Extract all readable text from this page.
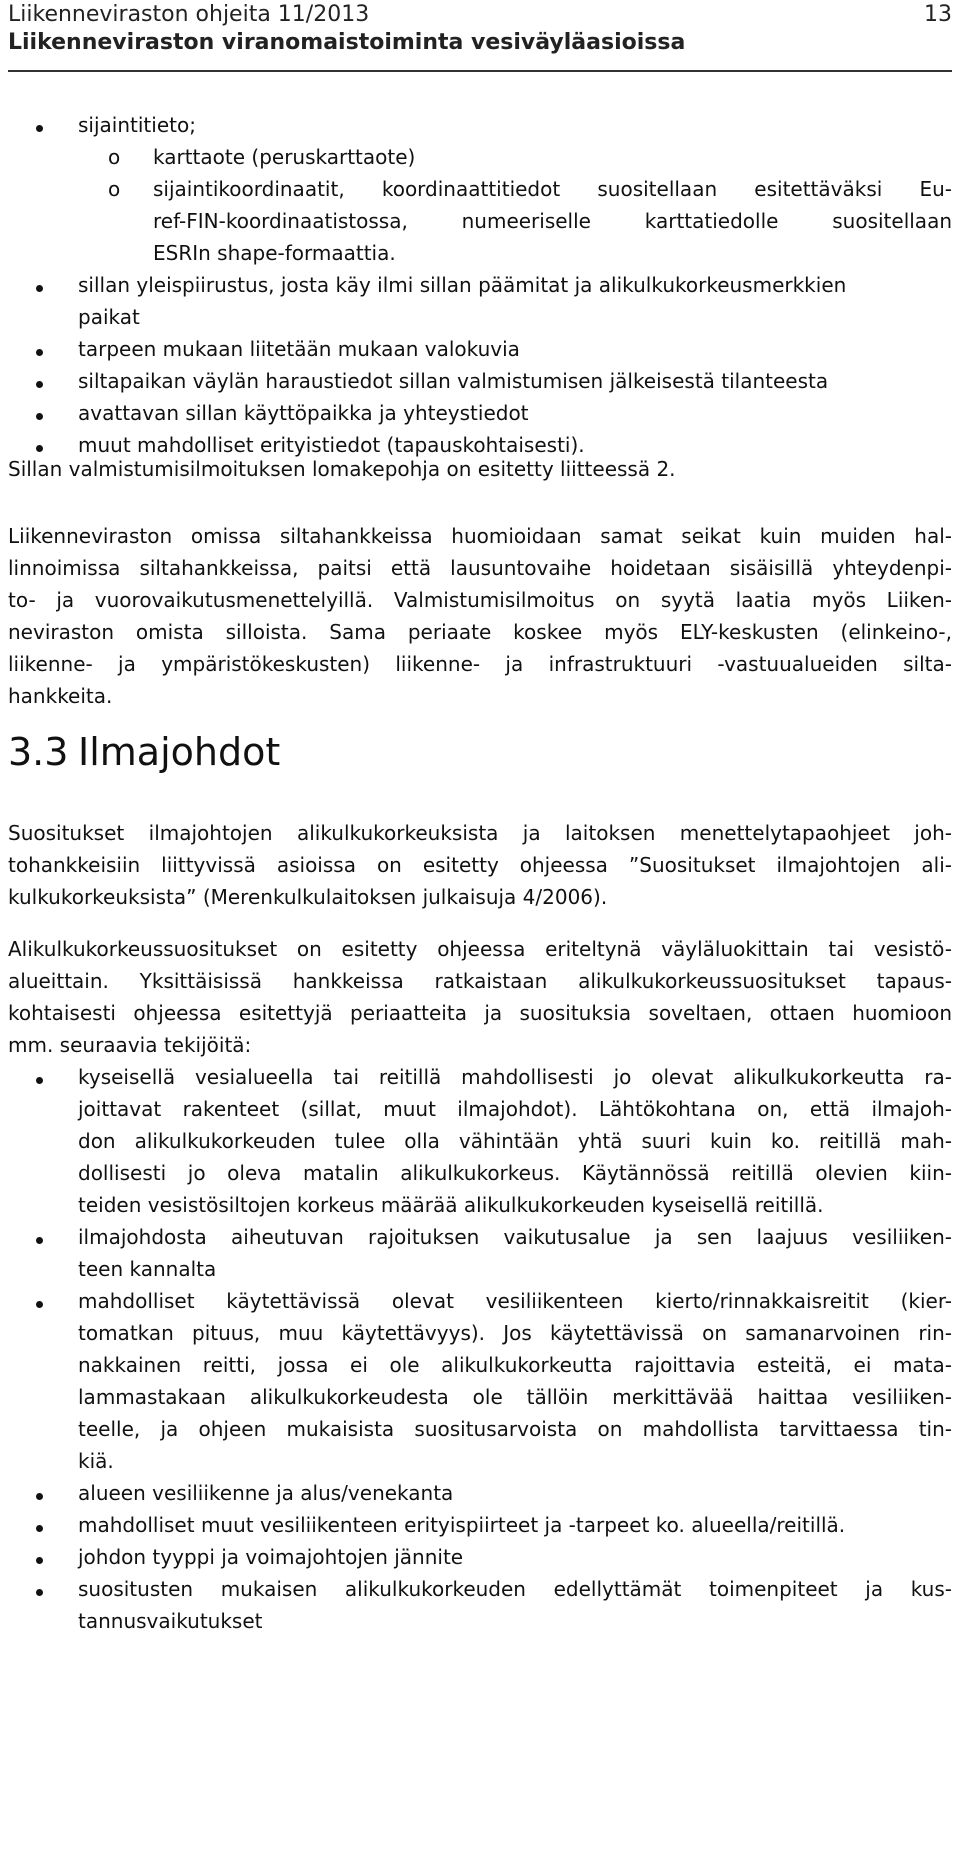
Liikenneviraston ohjeita 11/2013
Liikenneviraston viranomaistoiminta vesiväyläasioissa
13
sijaintitieto;
o karttaote (peruskarttaote)
o sijaintikoordinaatit, koordinaattitiedot suositellaan esitettäväksi Eu-
ref-FIN-koordinaatistossa, numeeriselle karttatiedolle suositellaan
ESRIn shape-formaattia.
sillan yleispiirustus, josta käy ilmi sillan päämitat ja alikulkukorkeusmerkkien
paikat
tarpeen mukaan liitetään mukaan valokuvia
siltapaikan väylän haraustiedot sillan valmistumisen jälkeisestä tilanteesta
avattavan sillan käyttöpaikka ja yhteystiedot
muut mahdolliset erityistiedot (tapauskohtaisesti).
Sillan valmistumisilmoituksen lomakepohja on esitetty liitteessä 2.
Liikenneviraston omissa siltahankkeissa huomioidaan samat seikat kuin muiden hal-
linnoimissa siltahankkeissa, paitsi että lausuntovaihe hoidetaan sisäisillä yhteydenpi-
to- ja vuorovaikutusmenettelyillä. Valmistumisilmoitus on syytä laatia myös Liiken-
neviraston omista silloista. Sama periaate koskee myös ELY-keskusten (elinkeino-,
liikenne- ja ympäristökeskusten) liikenne- ja infrastruktuuri -vastuualueiden silta-
hankkeita.
3.3 Ilmajohdot
Suositukset ilmajohtojen alikulkukorkeuksista ja laitoksen menettelytapaohjeet joh-
tohankkeisiin liittyvissä asioissa on esitetty ohjeessa ”Suositukset ilmajohtojen ali-
kulkukorkeuksista” (Merenkulkulaitoksen julkaisuja 4/2006).
Alikulkukorkeussuositukset on esitetty ohjeessa eriteltynä väyläluokittain tai vesistö-
alueittain. Yksittäisissä hankkeissa ratkaistaan alikulkukorkeussuositukset tapaus-
kohtaisesti ohjeessa esitettyjä periaatteita ja suosituksia soveltaen, ottaen huomioon
mm. seuraavia tekijöitä:
kyseisellä vesialueella tai reitillä mahdollisesti jo olevat alikulkukorkeutta ra-
joittavat rakenteet (sillat, muut ilmajohdot). Lähtökohtana on, että ilmajoh-
don alikulkukorkeuden tulee olla vähintään yhtä suuri kuin ko. reitillä mah-
dollisesti jo oleva matalin alikulkukorkeus. Käytännössä reitillä olevien kiin-
teiden vesistösiltojen korkeus määrää alikulkukorkeuden kyseisellä reitillä.
ilmajohdosta aiheutuvan rajoituksen vaikutusalue ja sen laajuus vesiliiken-
teen kannalta
mahdolliset käytettävissä olevat vesiliikenteen kierto/rinnakkaisreitit (kier-
tomatkan pituus, muu käytettävyys). Jos käytettävissä on samanarvoinen rin-
nakkainen reitti, jossa ei ole alikulkukorkeutta rajoittavia esteitä, ei mata-
lammastakaan alikulkukorkeudesta ole tällöin merkittävää haittaa vesiliiken-
teelle, ja ohjeen mukaisista suositusarvoista on mahdollista tarvittaessa tin-
kiä.
alueen vesiliikenne ja alus/venekanta
mahdolliset muut vesiliikenteen erityispiirteet ja -tarpeet ko. alueella/reitillä.
johdon tyyppi ja voimajohtojen jännite
suositusten mukaisen alikulkukorkeuden edellyttämät toimenpiteet ja kus-
tannusvaikutukset
